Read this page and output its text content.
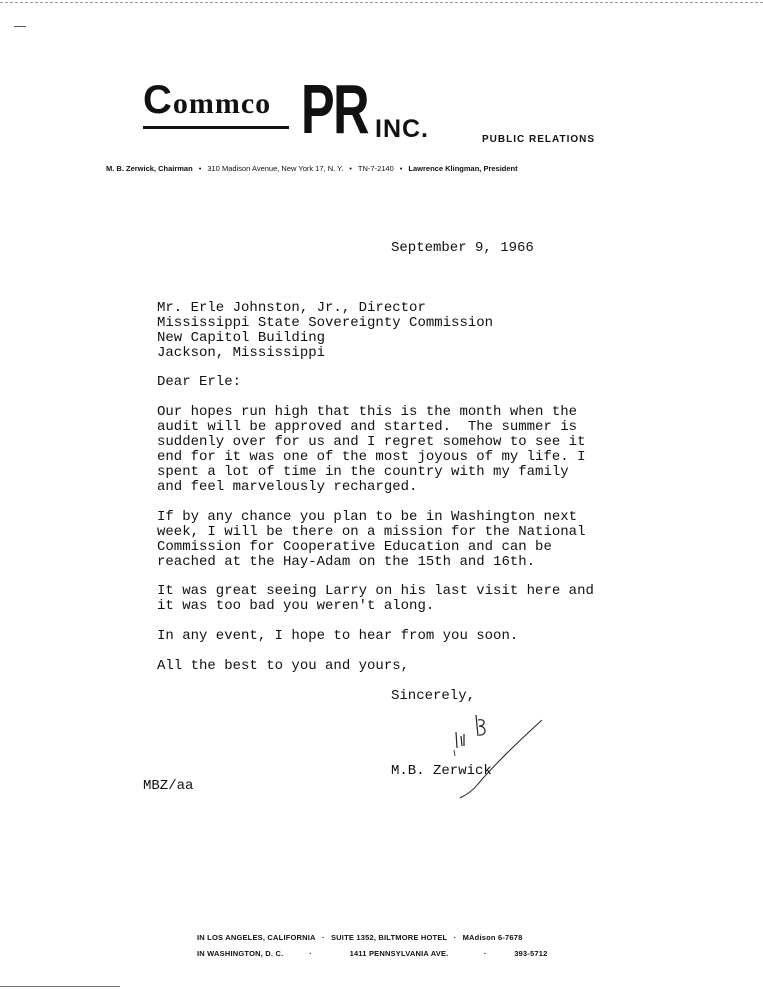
Commco PR INC.	PUBLIC RELATIONS
M. B. Zerwick, Chairman • 310 Madison Avenue, New York 17, N. Y. • TN-7-2140 • Lawrence Klingman, President
September 9, 1966
Mr. Erle Johnston, Jr., Director
Mississippi State Sovereignty Commission
New Capitol Building
Jackson, Mississippi
Dear Erle:
Our hopes run high that this is the month when the
audit will be approved and started.  The summer is
suddenly over for us and I regret somehow to see it
end for it was one of the most joyous of my life. I
spent a lot of time in the country with my family
and feel marvelously recharged.
If by any chance you plan to be in Washington next
week, I will be there on a mission for the National
Commission for Cooperative Education and can be
reached at the Hay-Adam on the 15th and 16th.
It was great seeing Larry on his last visit here and
it was too bad you weren't along.
In any event, I hope to hear from you soon.
All the best to you and yours,
Sincerely,
M.B. Zerwick
MBZ/aa
IN LOS ANGELES, CALIFORNIA · SUITE 1352, BILTMORE HOTEL · MAdison 6-7678
IN WASHINGTON, D. C.	·	1411 PENNSYLVANIA AVE.	·	393-5712
